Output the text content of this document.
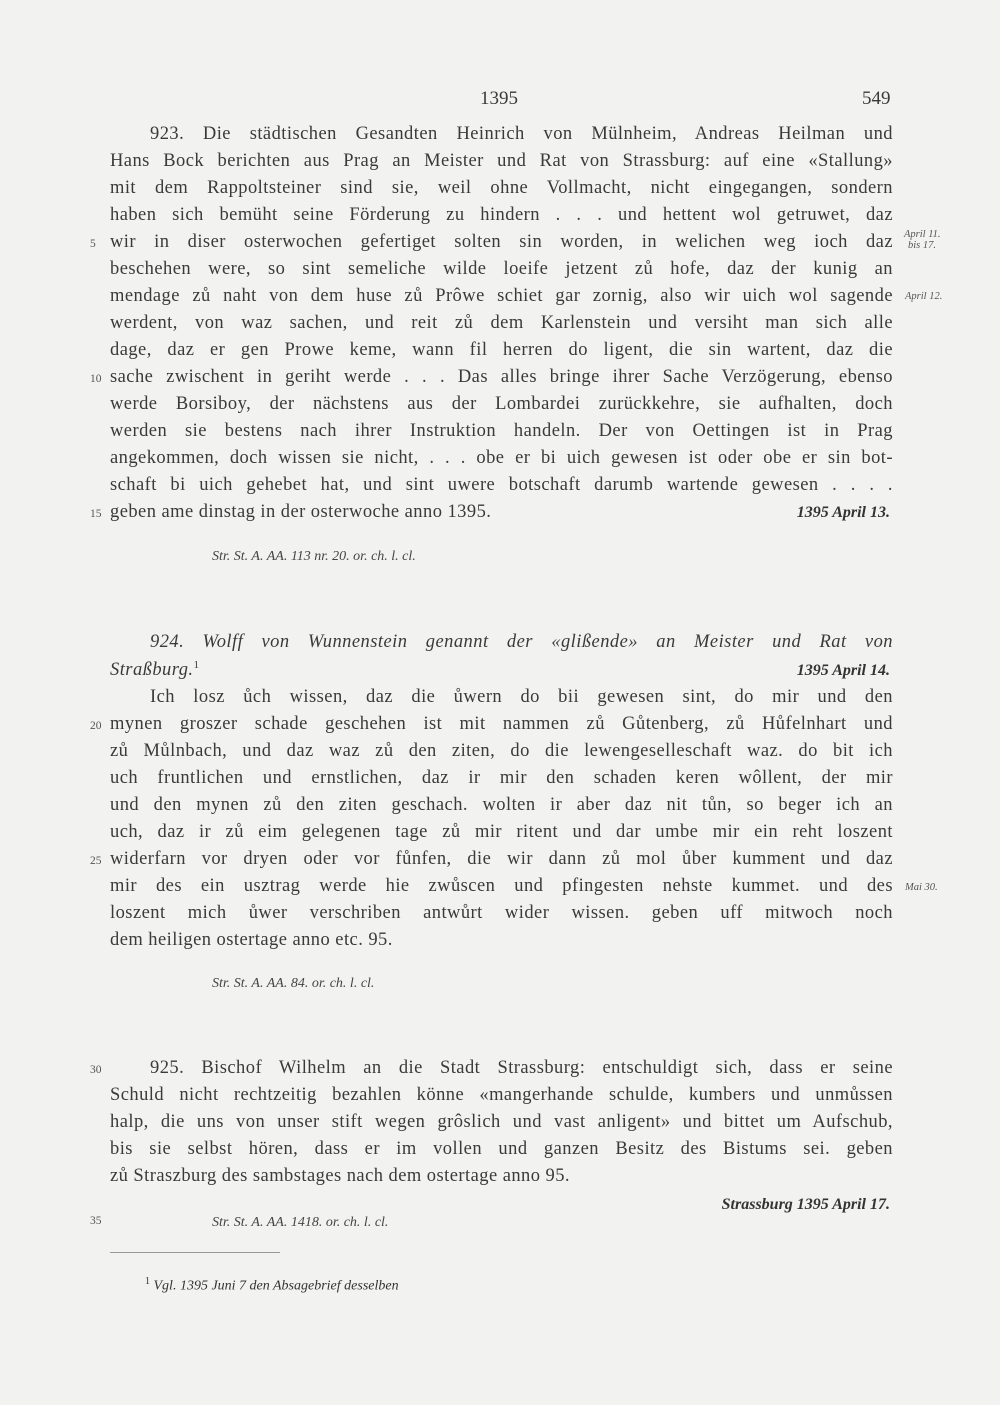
1395	549
923. Die städtischen Gesandten Heinrich von Mülnheim, Andreas Heilman und
Hans Bock berichten aus Prag an Meister und Rat von Strassburg: auf eine «Stallung»
mit dem Rappoltsteiner sind sie, weil ohne Vollmacht, nicht eingegangen, sondern
haben sich bemüht seine Förderung zu hindern . . . und hettent wol getruwet, daz
wir in diser osterwochen gefertiget solten sin worden, in welichen weg ioch daz
beschehen were, so sint semeliche wilde loeife jetzent zů hofe, daz der kunig an
mendage zů naht von dem huse zů Prôwe schiet gar zornig, also wir uich wol sagende
werdent, von waz sachen, und reit zů dem Karlenstein und versiht man sich alle
dage, daz er gen Prowe keme, wann fil herren do ligent, die sin wartent, daz die
sache zwischent in geriht werde . . . Das alles bringe ihrer Sache Verzögerung, ebenso
werde Borsiboy, der nächstens aus der Lombardei zurückkehre, sie aufhalten, doch
werden sie bestens nach ihrer Instruktion handeln. Der von Oettingen ist in Prag
angekommen, doch wissen sie nicht, . . . obe er bi uich gewesen ist oder obe er sin bot-
schaft bi uich gehebet hat, und sint uwere botschaft darumb wartende gewesen . . . .
geben ame dinstag in der osterwoche anno 1395.	1395 April 13.
Str. St. A. AA. 113 nr. 20. or. ch. l. cl.
924. Wolff von Wunnenstein genannt der «glißende» an Meister und Rat von
Straßburg.$^1$	1395 April 14.
Ich losz ůch wissen, daz die ůwern do bii gewesen sint, do mir und den
mynen groszer schade geschehen ist mit nammen zů Gůtenberg, zů Hůfelnhart und
zů Můlnbach, und daz waz zů den ziten, do die lewengeselleschaft waz. do bit ich
uch fruntlichen und ernstlichen, daz ir mir den schaden keren wôllent, der mir
und den mynen zů den ziten geschach. wolten ir aber daz nit tůn, so beger ich an
uch, daz ir zů eim gelegenen tage zů mir ritent und dar umbe mir ein reht loszent
widerfarn vor dryen oder vor fůnfen, die wir dann zů mol ůber kumment und daz
mir des ein usztrag werde hie zwůscen und pfingesten nehste kummet. und des
loszent mich ůwer verschriben antwůrt wider wissen. geben uff mitwoch noch
dem heiligen ostertage anno etc. 95.
Str. St. A. AA. 84. or. ch. l. cl.
925. Bischof Wilhelm an die Stadt Strassburg: entschuldigt sich, dass er seine
Schuld nicht rechtzeitig bezahlen könne «mangerhande schulde, kumbers und unmůssen
halp, die uns von unser stift wegen grôslich und vast anligent» und bittet um Aufschub,
bis sie selbst hören, dass er im vollen und ganzen Besitz des Bistums sei. geben
zů Straszburg des sambstages nach dem ostertage anno 95.
Strassburg 1395 April 17.
Str. St. A. AA. 1418. or. ch. l. cl.
5
10
15
20
25
30
35
April 11.
bis 17.
April 12.
Mai 30.
$^1$ Vgl. 1395 Juni 7 den Absagebrief desselben
